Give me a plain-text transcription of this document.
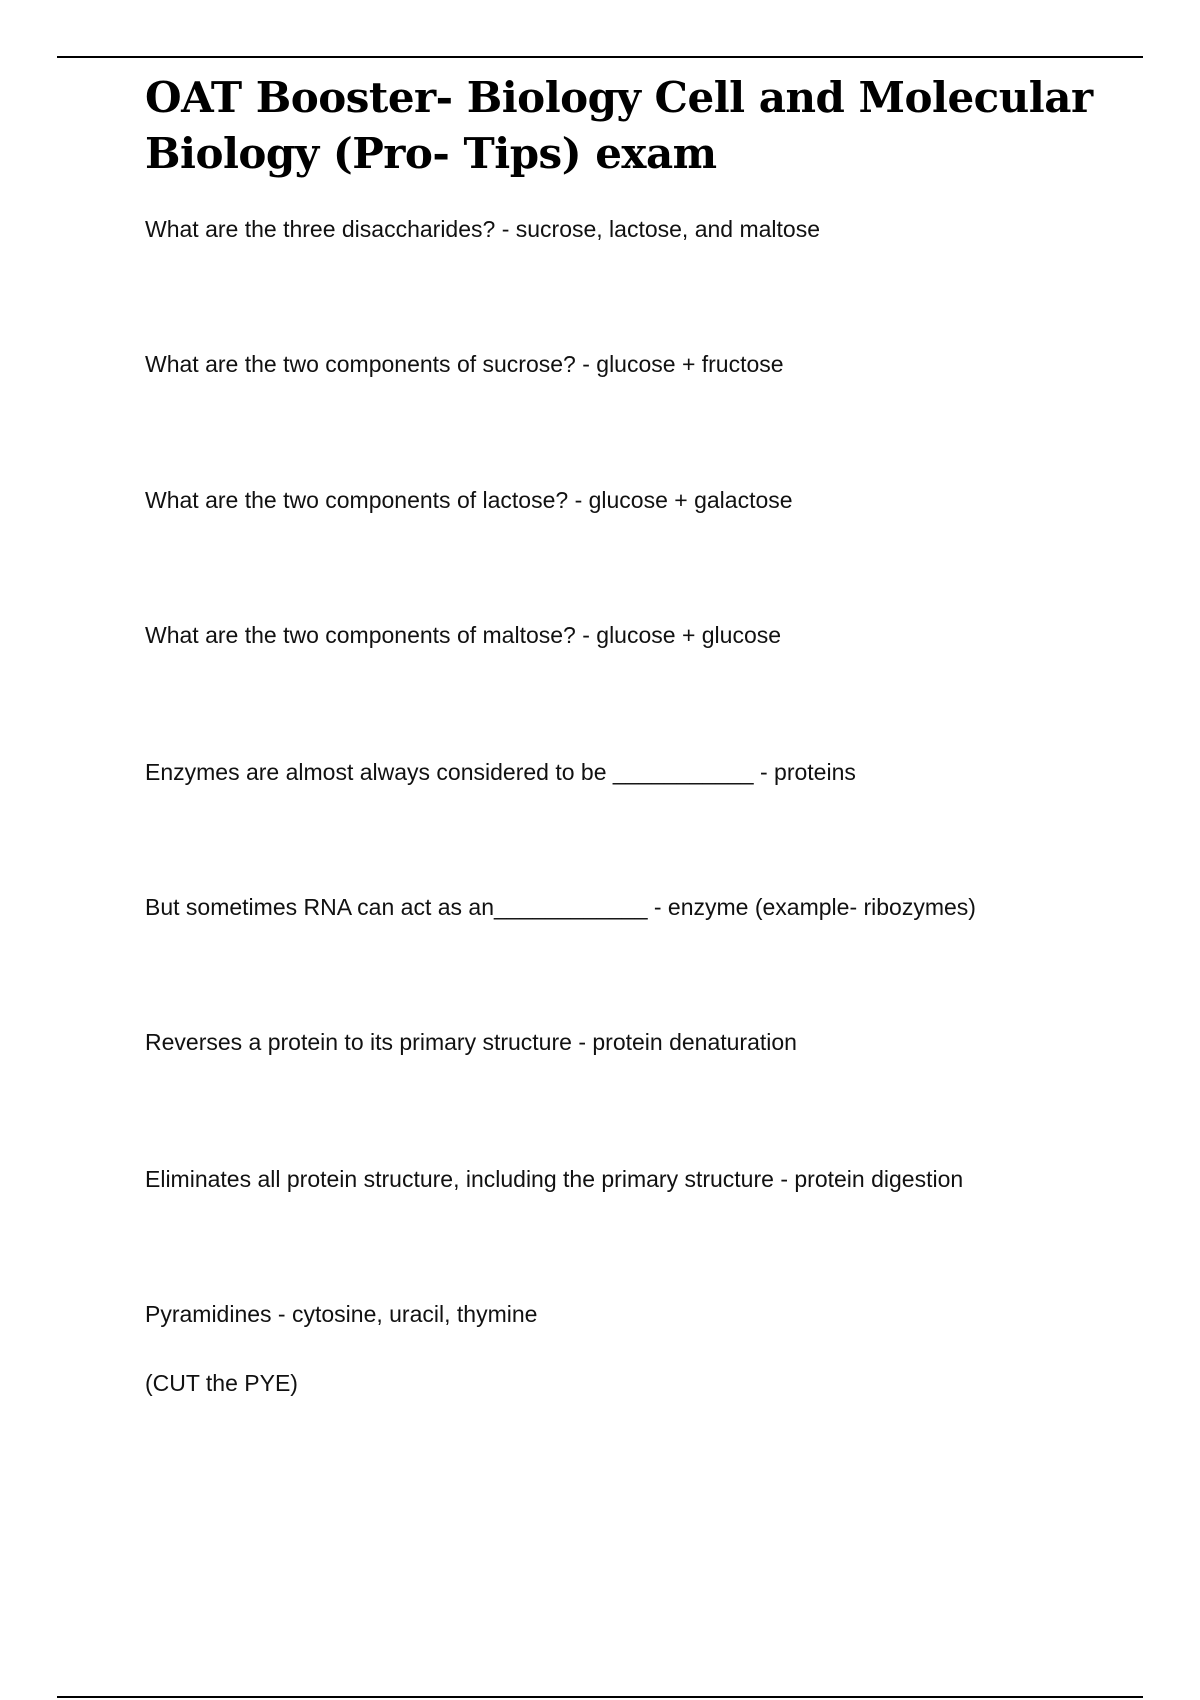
OAT Booster- Biology Cell and Molecular Biology (Pro- Tips) exam
What are the three disaccharides? - sucrose, lactose, and maltose
What are the two components of sucrose? - glucose + fructose
What are the two components of lactose? - glucose + galactose
What are the two components of maltose? - glucose + glucose
Enzymes are almost always considered to be ___________ - proteins
But sometimes RNA can act as an____________ - enzyme (example- ribozymes)
Reverses a protein to its primary structure - protein denaturation
Eliminates all protein structure, including the primary structure - protein digestion
Pyramidines - cytosine, uracil, thymine
(CUT the PYE)
